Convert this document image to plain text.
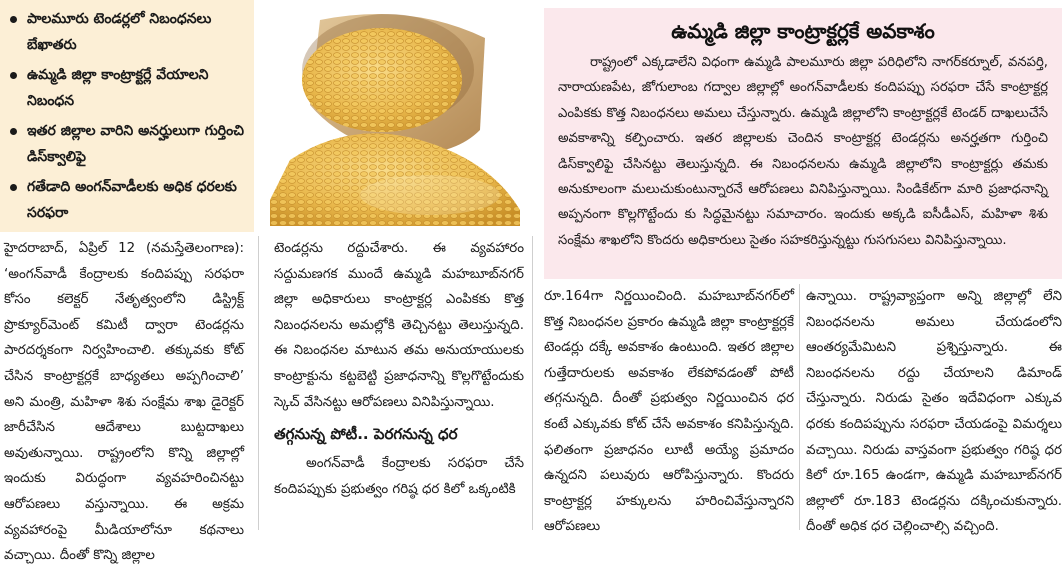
పాలమూరు టెండర్లలో నిబంధనలు బేఖాతరు
ఉమ్మడి జిల్లా కాంట్రాక్టర్లే వేయాలని నిబంధన
ఇతర జిల్లాల వారిని అనర్హులుగా గుర్తించి డిస్‌క్వాలిఫై
గతేడాది అంగన్‌వాడీలకు అధిక ధరలకు సరఫరా
ఉమ్మడి జిల్లా కాంట్రాక్టర్లకే అవకాశం

రాష్ట్రంలో ఎక్కడాలేని విధంగా ఉమ్మడి పాలమూరు జిల్లా పరిధిలోని నాగర్‌కర్నూల్, వనపర్తి, నారాయణపేట, జోగులాంబ గద్వాల జిల్లాల్లో అంగన్‌వాడీలకు కందిపప్పు సరఫరా చేసే కాంట్రాక్టర్ల ఎంపికకు కొత్త నిబంధనలు అమలు చేస్తున్నారు. ఉమ్మడి జిల్లాలోని కాంట్రాక్టర్లకే టెండర్ దాఖలుచేసే అవకాశాన్ని కల్పించారు. ఇతర జిల్లాలకు చెందిన కాంట్రాక్టర్ల టెండర్లను అనర్హతగా గుర్తించి డిస్‌క్వాలిఫై చేసినట్టు తెలుస్తున్నది. ఈ నిబంధనలను ఉమ్మడి జిల్లాలోని కాంట్రాక్టర్లు తమకు అనుకూలంగా మలుచుకుంటున్నారనే ఆరోపణలు వినిపిస్తున్నాయి. సిండికేట్‌గా మారి ప్రజాధనాన్ని అప్పనంగా కొల్లగొట్టేందు కు సిద్ధమైనట్టు సమాచారం. ఇందుకు అక్కడి ఐసీడీఎస్, మహిళా శిశు సంక్షేమ శాఖలోని కొందరు అధికారులు సైతం సహకరిస్తున్నట్టు గుసగుసలు వినిపిస్తున్నాయి.

హైదరాబాద్, ఏప్రిల్ 12 (నమస్తేతెలంగాణ): ‘అంగన్‌వాడీ కేంద్రాలకు కందిపప్పు సరఫరా కోసం కలెక్టర్ నేతృత్వంలోని డిస్ట్రిక్ట్ ప్రొక్యూర్‌మెంట్ కమిటీ ద్వారా టెండర్లను పారదర్శకంగా నిర్వహించాలి. తక్కువకు కోట్ చేసిన కాంట్రాక్టర్లకే బాధ్యతలు అప్పగించాలి’ అని మంత్రి, మహిళా శిశు సంక్షేమ శాఖ డైరెక్టర్ జారీచేసిన ఆదేశాలు బుట్టదాఖలు అవుతున్నాయి. రాష్ట్రంలోని కొన్ని జిల్లాల్లో ఇందుకు విరుద్ధంగా వ్యవహరించినట్టు ఆరోపణలు వస్తున్నాయి. ఈ అక్రమ వ్యవహారంపై మీడియాలోనూ కథనాలు వచ్చాయి. దీంతో కొన్ని జిల్లాల

టెండర్లను రద్దుచేశారు. ఈ వ్యవహారం సద్దుమణగక ముందే ఉమ్మడి మహబూబ్‌నగర్ జిల్లా అధికారులు కాంట్రాక్టర్ల ఎంపికకు కొత్త నిబంధనలను అమల్లోకి తెచ్చినట్టు తెలుస్తున్నది. ఈ నిబంధనల మాటున తమ అనుయాయులకు కాంట్రాక్టును కట్టబెట్టి ప్రజాధనాన్ని కొల్లగొట్టేందుకు స్కెచ్ వేసినట్టు ఆరోపణలు వినిపిస్తున్నాయి.

తగ్గనున్న పోటీ.. పెరగనున్న ధర

అంగన్‌వాడీ కేంద్రాలకు సరఫరా చేసే కందిపప్పుకు ప్రభుత్వం గరిష్ఠ ధర కిలో ఒక్కంటికి

రూ.164గా నిర్ణయించింది. మహబూబ్‌నగర్‌లో కొత్త నిబంధనల ప్రకారం ఉమ్మడి జిల్లా కాంట్రాక్టర్లకే టెండర్లు దక్కే అవకాశం ఉంటుంది. ఇతర జిల్లాల గుత్తేదారులకు అవకాశం లేకపోవడంతో పోటీ తగ్గనున్నది. దీంతో ప్రభుత్వం నిర్ణయించిన ధర కంటే ఎక్కువకు కోట్ చేసే అవకాశం కనిపిస్తున్నది. ఫలితంగా ప్రజాధనం లూటీ అయ్యే ప్రమాదం ఉన్నదని పలువురు ఆరోపిస్తున్నారు. కొందరు కాంట్రాక్టర్ల హక్కులను హరించివేస్తున్నారని ఆరోపణలు

ఉన్నాయి. రాష్ట్రవ్యాప్తంగా అన్ని జిల్లాల్లో లేని నిబంధనలను అమలు చేయడంలోని ఆంతర్యమేమిటని ప్రశ్నిస్తున్నారు. ఈ నిబంధనలను రద్దు చేయాలని డిమాండ్ చేస్తున్నారు. నిరుడు సైతం ఇదేవిధంగా ఎక్కువ ధరకు కందిపప్పును సరఫరా చేయడంపై విమర్శలు వచ్చాయి. నిరుడు వాస్తవంగా ప్రభుత్వం గరిష్ఠ ధర కిలో రూ.165 ఉండగా, ఉమ్మడి మహబూబ్‌నగర్ జిల్లాలో రూ.183 టెండర్లను దక్కించుకున్నారు. దీంతో అధిక ధర చెల్లించాల్సి వచ్చింది.
